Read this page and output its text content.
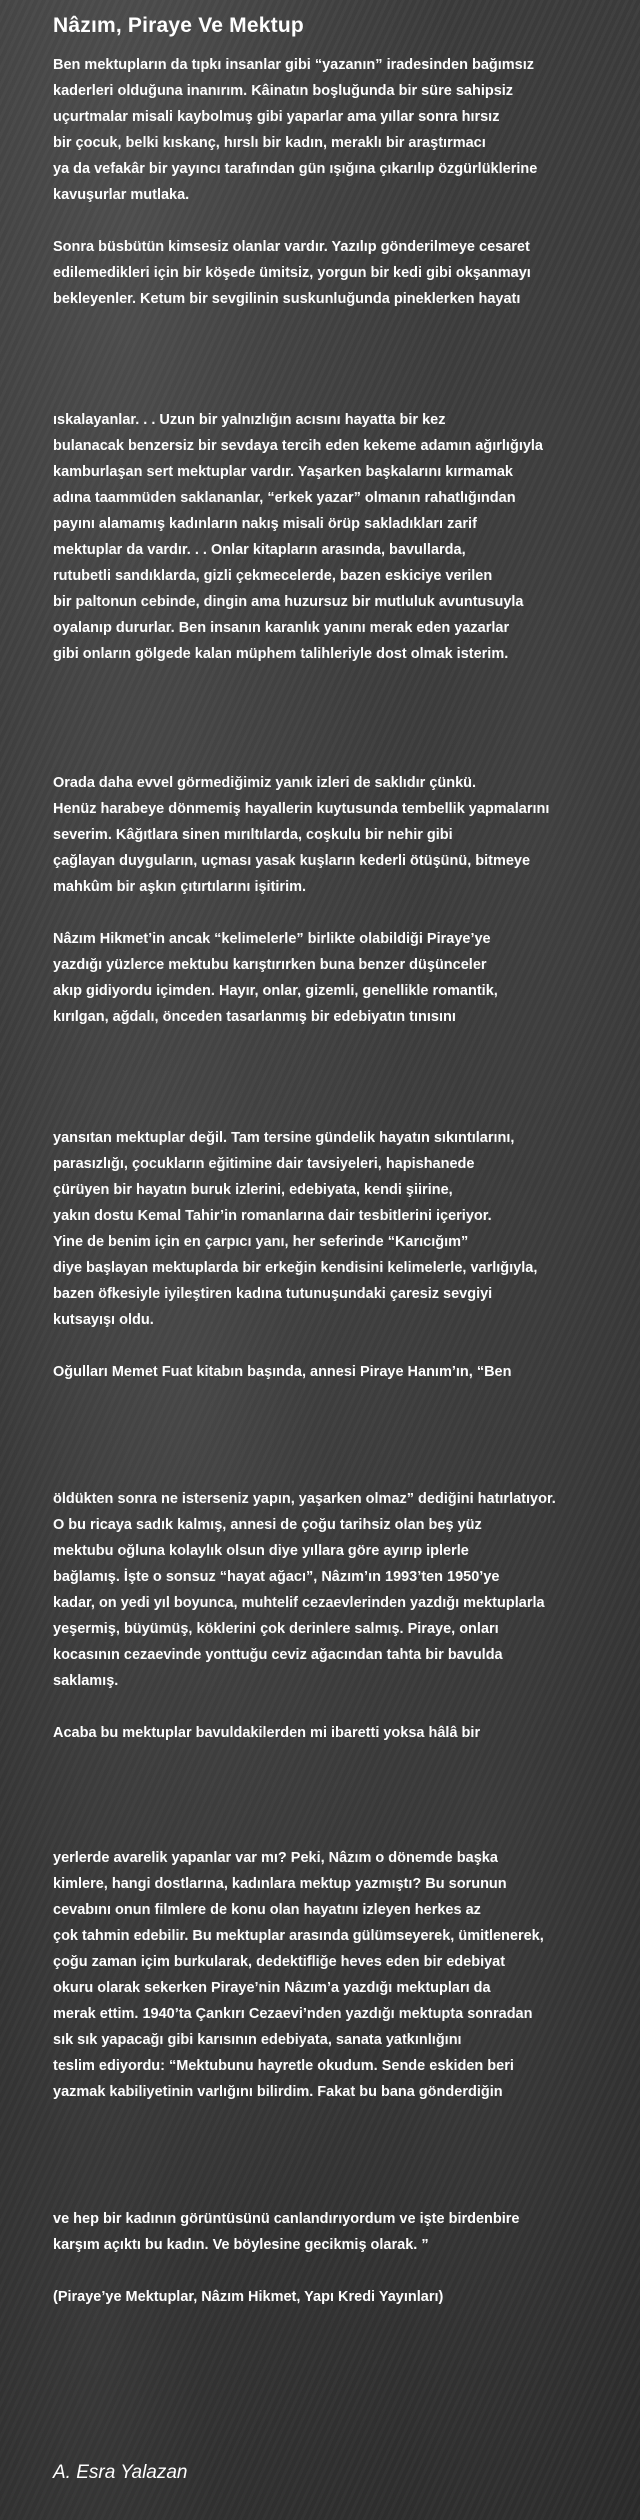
Nâzım, Piraye Ve Mektup
Ben mektupların da tıpkı insanlar gibi “yazanın” iradesinden bağımsız
kaderleri olduğuna inanırım. Kâinatın boşluğunda bir süre sahipsiz
uçurtmalar misali kaybolmuş gibi yaparlar ama yıllar sonra hırsız
bir çocuk, belki kıskanç, hırslı bir kadın, meraklı bir araştırmacı
ya da vefakâr bir yayıncı tarafından gün ışığına çıkarılıp özgürlüklerine
kavuşurlar mutlaka.
Sonra büsbütün kimsesiz olanlar vardır. Yazılıp gönderilmeye cesaret
edilemedikleri için bir köşede ümitsiz, yorgun bir kedi gibi okşanmayı
bekleyenler. Ketum bir sevgilinin suskunluğunda pineklerken hayatı
ıskalayanlar. . . Uzun bir yalnızlığın acısını hayatta bir kez
bulanacak benzersiz bir sevdaya tercih eden kekeme adamın ağırlığıyla
kamburlaşan sert mektuplar vardır. Yaşarken başkalarını kırmamak
adına taammüden saklananlar, “erkek yazar” olmanın rahatlığından
payını alamamış kadınların nakış misali örüp sakladıkları zarif
mektuplar da vardır. . . Onlar kitapların arasında, bavullarda,
rutubetli sandıklarda, gizli çekmecelerde, bazen eskiciye verilen
bir paltonun cebinde, dingin ama huzursuz bir mutluluk avuntusuyla
oyalanıp dururlar. Ben insanın karanlık yanını merak eden yazarlar
gibi onların gölgede kalan müphem talihleriyle dost olmak isterim.
Orada daha evvel görmediğimiz yanık izleri de saklıdır çünkü.
Henüz harabeye dönmemiş hayallerin kuytusunda tembellik yapmalarını
severim. Kâğıtlara sinen mırıltılarda, coşkulu bir nehir gibi
çağlayan duyguların, uçması yasak kuşların kederli ötüşünü, bitmeye
mahkûm bir aşkın çıtırtılarını işitirim.
Nâzım Hikmet’in ancak “kelimelerle” birlikte olabildiği Piraye’ye
yazdığı yüzlerce mektubu karıştırırken buna benzer düşünceler
akıp gidiyordu içimden. Hayır, onlar, gizemli, genellikle romantik,
kırılgan, ağdalı, önceden tasarlanmış bir edebiyatın tınısını
yansıtan mektuplar değil. Tam tersine gündelik hayatın sıkıntılarını,
parasızlığı, çocukların eğitimine dair tavsiyeleri, hapishanede
çürüyen bir hayatın buruk izlerini, edebiyata, kendi şiirine,
yakın dostu Kemal Tahir’in romanlarına dair tesbitlerini içeriyor.
Yine de benim için en çarpıcı yanı, her seferinde “Karıcığım”
diye başlayan mektuplarda bir erkeğin kendisini kelimelerle, varlığıyla,
bazen öfkesiyle iyileştiren kadına tutunuşundaki çaresiz sevgiyi
kutsayışı oldu.
Oğulları Memet Fuat kitabın başında, annesi Piraye Hanım’ın, “Ben
öldükten sonra ne isterseniz yapın, yaşarken olmaz” dediğini hatırlatıyor.
O bu ricaya sadık kalmış, annesi de çoğu tarihsiz olan beş yüz
mektubu oğluna kolaylık olsun diye yıllara göre ayırıp iplerle
bağlamış. İşte o sonsuz “hayat ağacı”, Nâzım’ın 1993’ten 1950’ye
kadar, on yedi yıl boyunca, muhtelif cezaevlerinden yazdığı mektuplarla
yeşermiş, büyümüş, köklerini çok derinlere salmış. Piraye, onları
kocasının cezaevinde yonttuğu ceviz ağacından tahta bir bavulda
saklamış.
Acaba bu mektuplar bavuldakilerden mi ibaretti yoksa hâlâ bir
yerlerde avarelik yapanlar var mı? Peki, Nâzım o dönemde başka
kimlere, hangi dostlarına, kadınlara mektup yazmıştı? Bu sorunun
cevabını onun filmlere de konu olan hayatını izleyen herkes az
çok tahmin edebilir. Bu mektuplar arasında gülümseyerek, ümitlenerek,
çoğu zaman içim burkularak, dedektifliğe heves eden bir edebiyat
okuru olarak sekerken Piraye’nin Nâzım’a yazdığı mektupları da
merak ettim. 1940’ta Çankırı Cezaevi’nden yazdığı mektupta sonradan
sık sık yapacağı gibi karısının edebiyata, sanata yatkınlığını
teslim ediyordu: “Mektubunu hayretle okudum. Sende eskiden beri
yazmak kabiliyetinin varlığını bilirdim. Fakat bu bana gönderdiğin
ve hep bir kadının görüntüsünü canlandırıyordum ve işte birdenbire
karşım açıktı bu kadın. Ve böylesine gecikmiş olarak. ”
(Piraye’ye Mektuplar, Nâzım Hikmet, Yapı Kredi Yayınları)
A. Esra Yalazan
